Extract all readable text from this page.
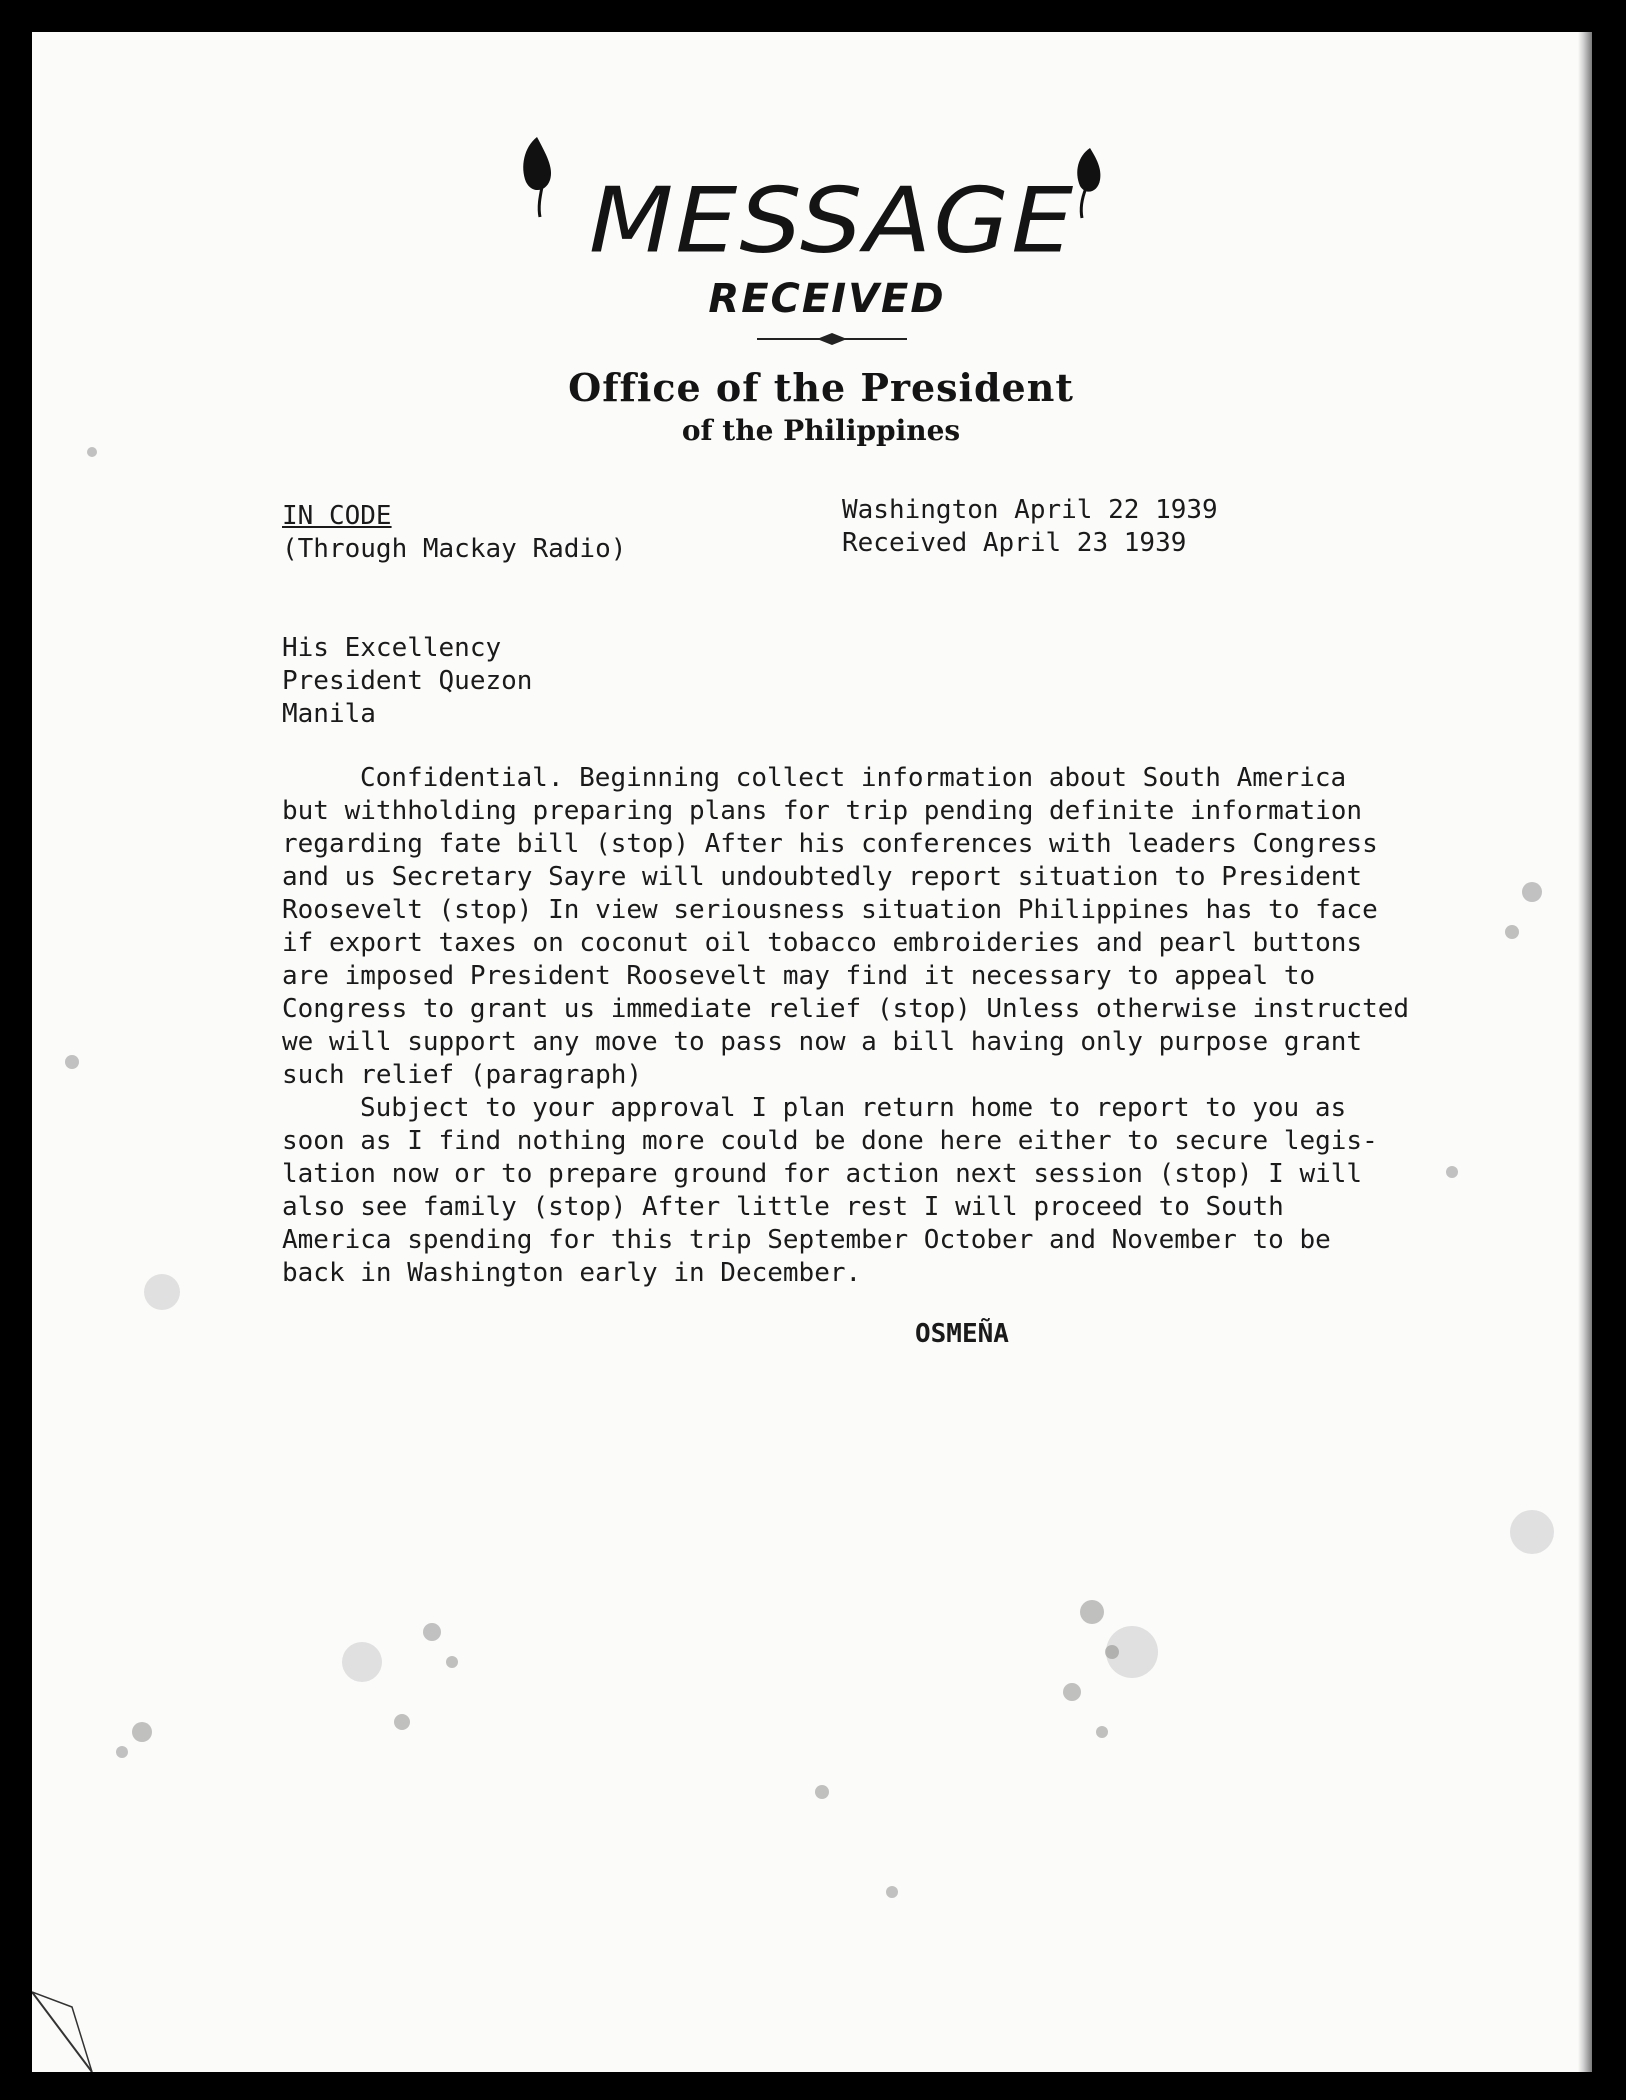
MESSAGE
RECEIVED
Office of the President
of the Philippines
IN CODE
(Through Mackay Radio)
Washington April 22 1939
Received April 23 1939
His Excellency
President Quezon
Manila
Confidential. Beginning collect information about South America
but withholding preparing plans for trip pending definite information
regarding fate bill (stop) After his conferences with leaders Congress
and us Secretary Sayre will undoubtedly report situation to President
Roosevelt (stop) In view seriousness situation Philippines has to face
if export taxes on coconut oil tobacco embroideries and pearl buttons
are imposed President Roosevelt may find it necessary to appeal to
Congress to grant us immediate relief (stop) Unless otherwise instructed
we will support any move to pass now a bill having only purpose grant
such relief (paragraph)
Subject to your approval I plan return home to report to you as
soon as I find nothing more could be done here either to secure legis-
lation now or to prepare ground for action next session (stop) I will
also see family (stop) After little rest I will proceed to South
America spending for this trip September October and November to be
back in Washington early in December.
OSMEÑA
